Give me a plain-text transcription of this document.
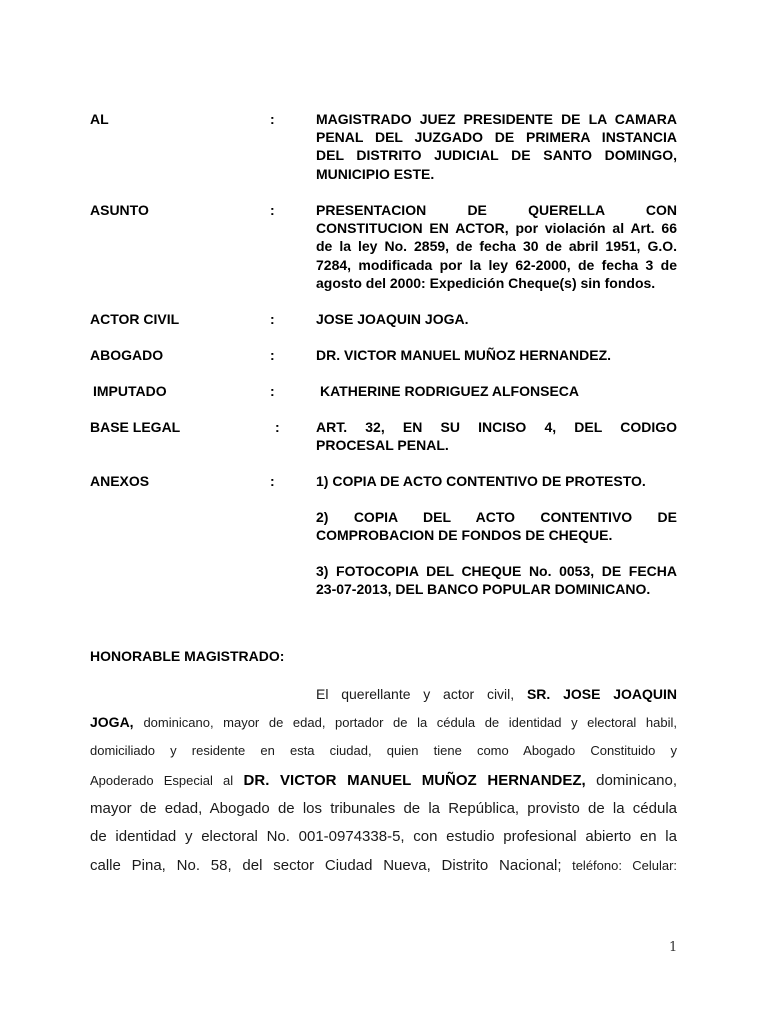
AL	:	MAGISTRADO JUEZ PRESIDENTE DE LA CAMARA
PENAL DEL JUZGADO DE PRIMERA INSTANCIA
DEL DISTRITO JUDICIAL DE SANTO DOMINGO,
MUNICIPIO ESTE.
ASUNTO	:	PRESENTACION DE QUERELLA CON
CONSTITUCION EN ACTOR, por violación al Art. 66
de la ley No. 2859, de fecha 30 de abril 1951, G.O.
7284, modificada por la ley 62-2000, de fecha 3 de
agosto del 2000: Expedición Cheque(s) sin fondos.
ACTOR CIVIL	:	JOSE JOAQUIN JOGA.
ABOGADO	:	DR. VICTOR MANUEL MUÑOZ HERNANDEZ.
IMPUTADO	:	KATHERINE RODRIGUEZ ALFONSECA
BASE LEGAL	:	ART. 32, EN SU INCISO 4, DEL CODIGO
PROCESAL PENAL.
ANEXOS	:	1) COPIA DE ACTO CONTENTIVO DE PROTESTO.
2) COPIA DEL ACTO CONTENTIVO DE
COMPROBACION DE FONDOS DE CHEQUE.
3) FOTOCOPIA DEL CHEQUE No. 0053, DE FECHA
23-07-2013, DEL BANCO POPULAR DOMINICANO.
HONORABLE MAGISTRADO:
El querellante y actor civil, SR. JOSE JOAQUIN
JOGA, dominicano, mayor de edad, portador de la cédula de identidad y electoral habil,
domiciliado y residente en esta ciudad, quien tiene como Abogado Constituido y
Apoderado Especial al DR. VICTOR MANUEL MUÑOZ HERNANDEZ, dominicano,
mayor de edad, Abogado de los tribunales de la República, provisto de la cédula
de identidad y electoral No. 001-0974338-5, con estudio profesional abierto en la
calle Pina, No. 58, del sector Ciudad Nueva, Distrito Nacional; teléfono: Celular:
1
